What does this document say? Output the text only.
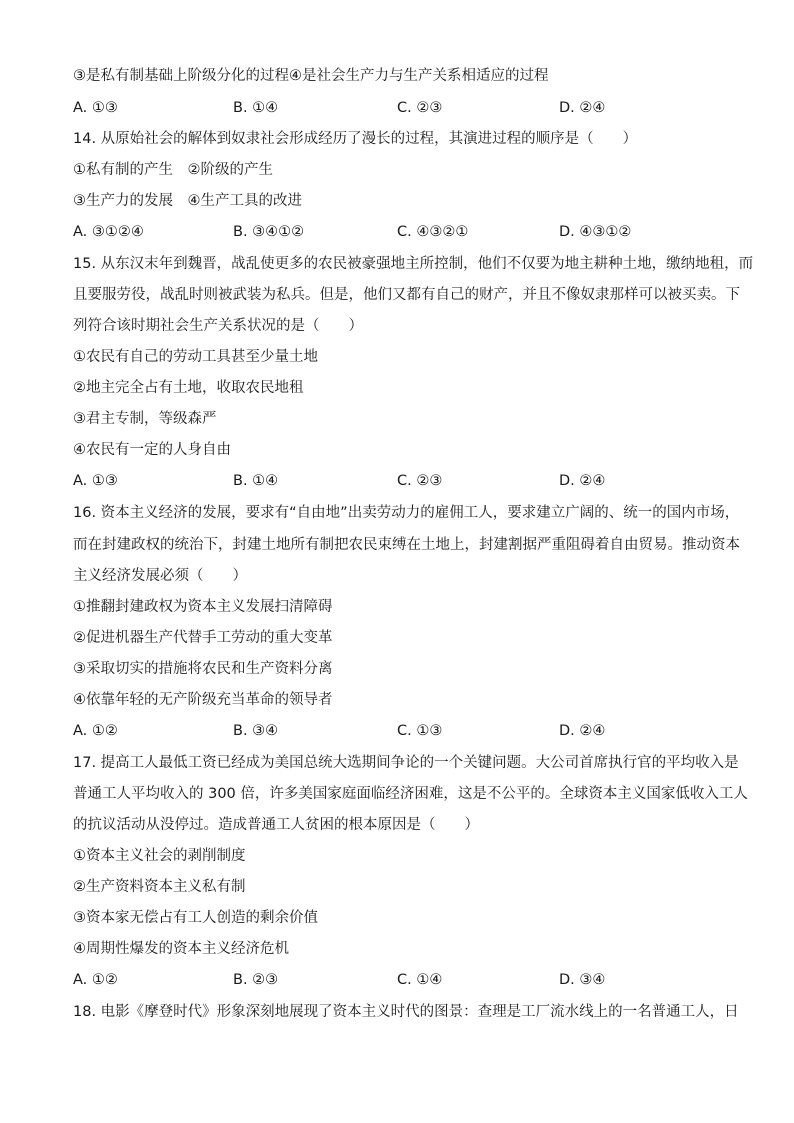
③是私有制基础上阶级分化的过程④是社会生产力与生产关系相适应的过程
A. ①③	B. ①④	C. ②③	D. ②④
14. 从原始社会的解体到奴隶社会形成经历了漫长的过程，其演进过程的顺序是（　　）
①私有制的产生　②阶级的产生
③生产力的发展　④生产工具的改进
A. ③①②④	B. ③④①②	C. ④③②①	D. ④③①②
15. 从东汉末年到魏晋，战乱使更多的农民被豪强地主所控制，他们不仅要为地主耕种土地，缴纳地租，而
且要服劳役，战乱时则被武装为私兵。但是，他们又都有自己的财产，并且不像奴隶那样可以被买卖。下
列符合该时期社会生产关系状况的是（　　）
①农民有自己的劳动工具甚至少量土地
②地主完全占有土地，收取农民地租
③君主专制，等级森严
④农民有一定的人身自由
A. ①③	B. ①④	C. ②③	D. ②④
16. 资本主义经济的发展，要求有“自由地”出卖劳动力的雇佣工人，要求建立广阔的、统一的国内市场，
而在封建政权的统治下，封建土地所有制把农民束缚在土地上，封建割据严重阻碍着自由贸易。推动资本
主义经济发展必须（　　）
①推翻封建政权为资本主义发展扫清障碍
②促进机器生产代替手工劳动的重大变革
③采取切实的措施将农民和生产资料分离
④依靠年轻的无产阶级充当革命的领导者
A. ①②	B. ③④	C. ①③	D. ②④
17. 提高工人最低工资已经成为美国总统大选期间争论的一个关键问题。大公司首席执行官的平均收入是
普通工人平均收入的 300 倍，许多美国家庭面临经济困难，这是不公平的。全球资本主义国家低收入工人
的抗议活动从没停过。造成普通工人贫困的根本原因是（　　）
①资本主义社会的剥削制度
②生产资料资本主义私有制
③资本家无偿占有工人创造的剩余价值
④周期性爆发的资本主义经济危机
A. ①②	B. ②③	C. ①④	D. ③④
18. 电影《摩登时代》形象深刻地展现了资本主义时代的图景：查理是工厂流水线上的一名普通工人，日
